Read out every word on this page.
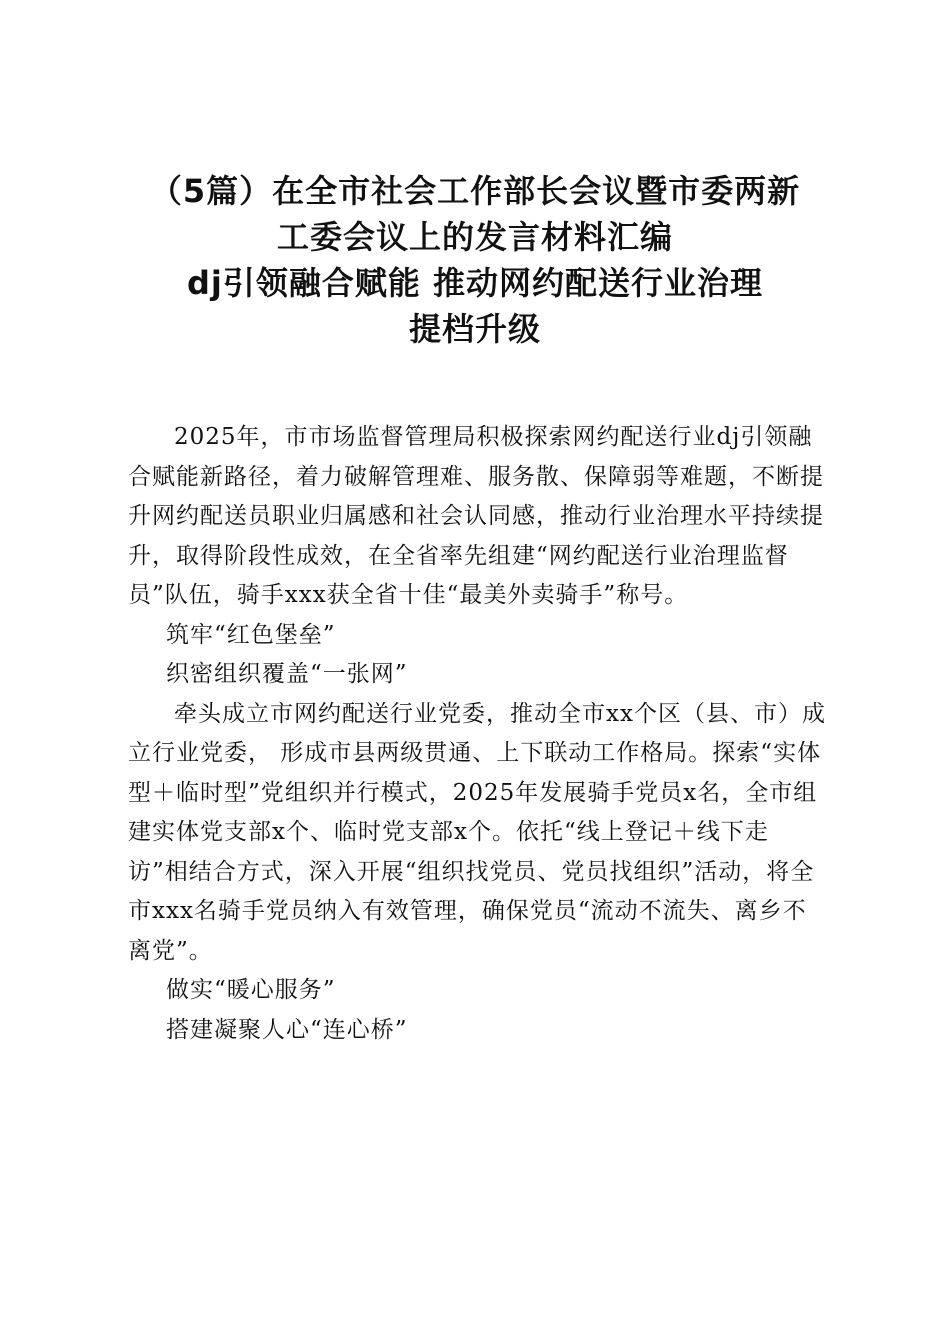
（5篇）在全市社会工作部长会议暨市委两新
工委会议上的发言材料汇编
dj引领融合赋能 推动网约配送行业治理
提档升级

2025年，市市场监督管理局积极探索网约配送行业dj引领融合赋能新路径，着力破解管理难、服务散、保障弱等难题，不断提升网约配送员职业归属感和社会认同感，推动行业治理水平持续提升，取得阶段性成效，在全省率先组建“网约配送行业治理监督员”队伍，骑手xxx获全省十佳“最美外卖骑手”称号。

筑牢“红色堡垒”

织密组织覆盖“一张网”

牵头成立市网约配送行业党委，推动全市xx个区（县、市）成立行业党委， 形成市县两级贯通、上下联动工作格局。探索“实体型＋临时型”党组织并行模式，2025年发展骑手党员x名，全市组建实体党支部x个、临时党支部x个。依托“线上登记＋线下走访”相结合方式，深入开展“组织找党员、党员找组织”活动，将全市xxx名骑手党员纳入有效管理，确保党员“流动不流失、离乡不离党”。

做实“暖心服务”

搭建凝聚人心“连心桥”
